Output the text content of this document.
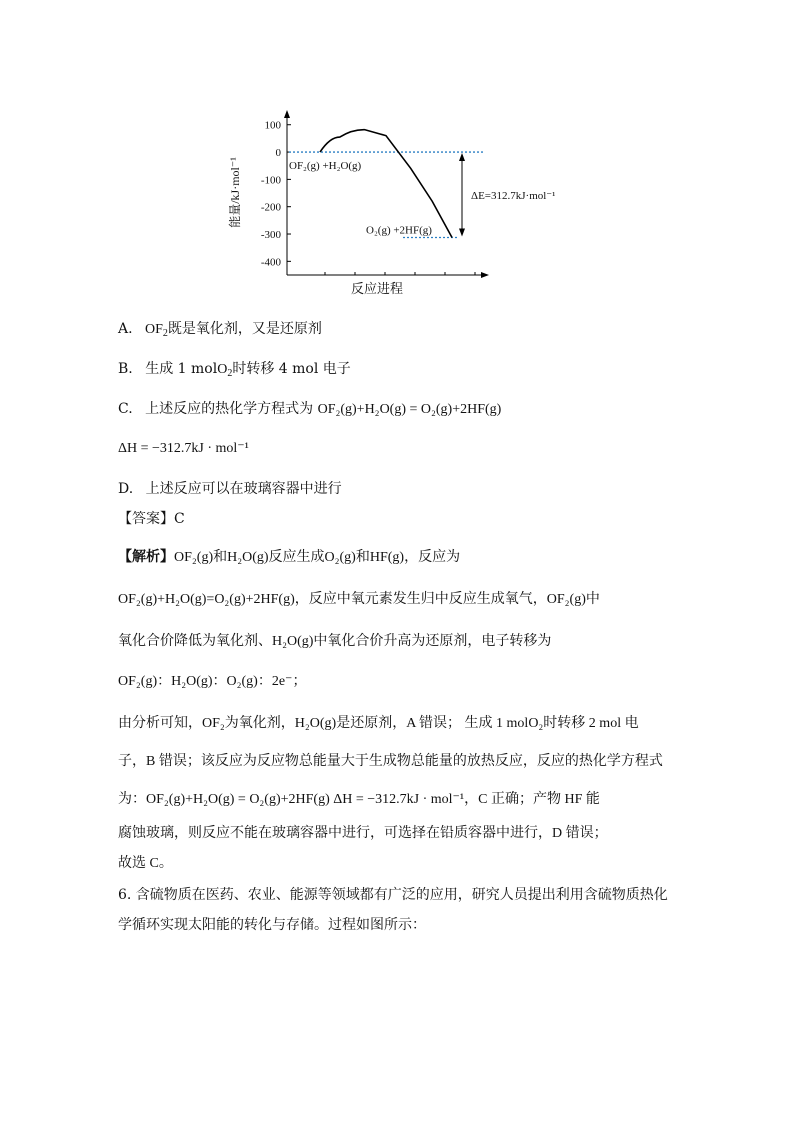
能量/kJ·mol⁻¹
反应进程
100
0
-100
-200
-300
-400
OF₂(g) +H₂O(g)
O₂(g) +2HF(g)
ΔE=312.7kJ·mol⁻¹
A. $OF_2$既是氧化剂，又是还原剂
B. 生成 1 molO$_2$时转移 4 mol 电子
C. 上述反应的热化学方程式为 OF₂(g)+H₂O(g) = O₂(g)+2HF(g)
ΔH = −312.7kJ · mol⁻¹
D. 上述反应可以在玻璃容器中进行
【答案】C
【解析】OF₂(g)和H₂O(g)反应生成O₂(g)和HF(g)，反应为
OF₂(g)+H₂O(g)=O₂(g)+2HF(g)，反应中氧元素发生归中反应生成氧气，OF₂(g)中
氧化合价降低为氧化剂、H₂O(g)中氧化合价升高为还原剂，电子转移为
OF₂(g)：H₂O(g)：O₂(g)：2e⁻；
由分析可知，OF₂为氧化剂，H₂O(g)是还原剂，A 错误； 生成 1 molO₂时转移 2 mol 电
子，B 错误；该反应为反应物总能量大于生成物总能量的放热反应，反应的热化学方程式
为：OF₂(g)+H₂O(g) = O₂(g)+2HF(g) ΔH = −312.7kJ · mol⁻¹，C 正确；产物 HF 能
腐蚀玻璃，则反应不能在玻璃容器中进行，可选择在铅质容器中进行，D 错误；
故选 C。
6. 含硫物质在医药、农业、能源等领域都有广泛的应用，研究人员提出利用含硫物质热化
学循环实现太阳能的转化与存储。过程如图所示：
